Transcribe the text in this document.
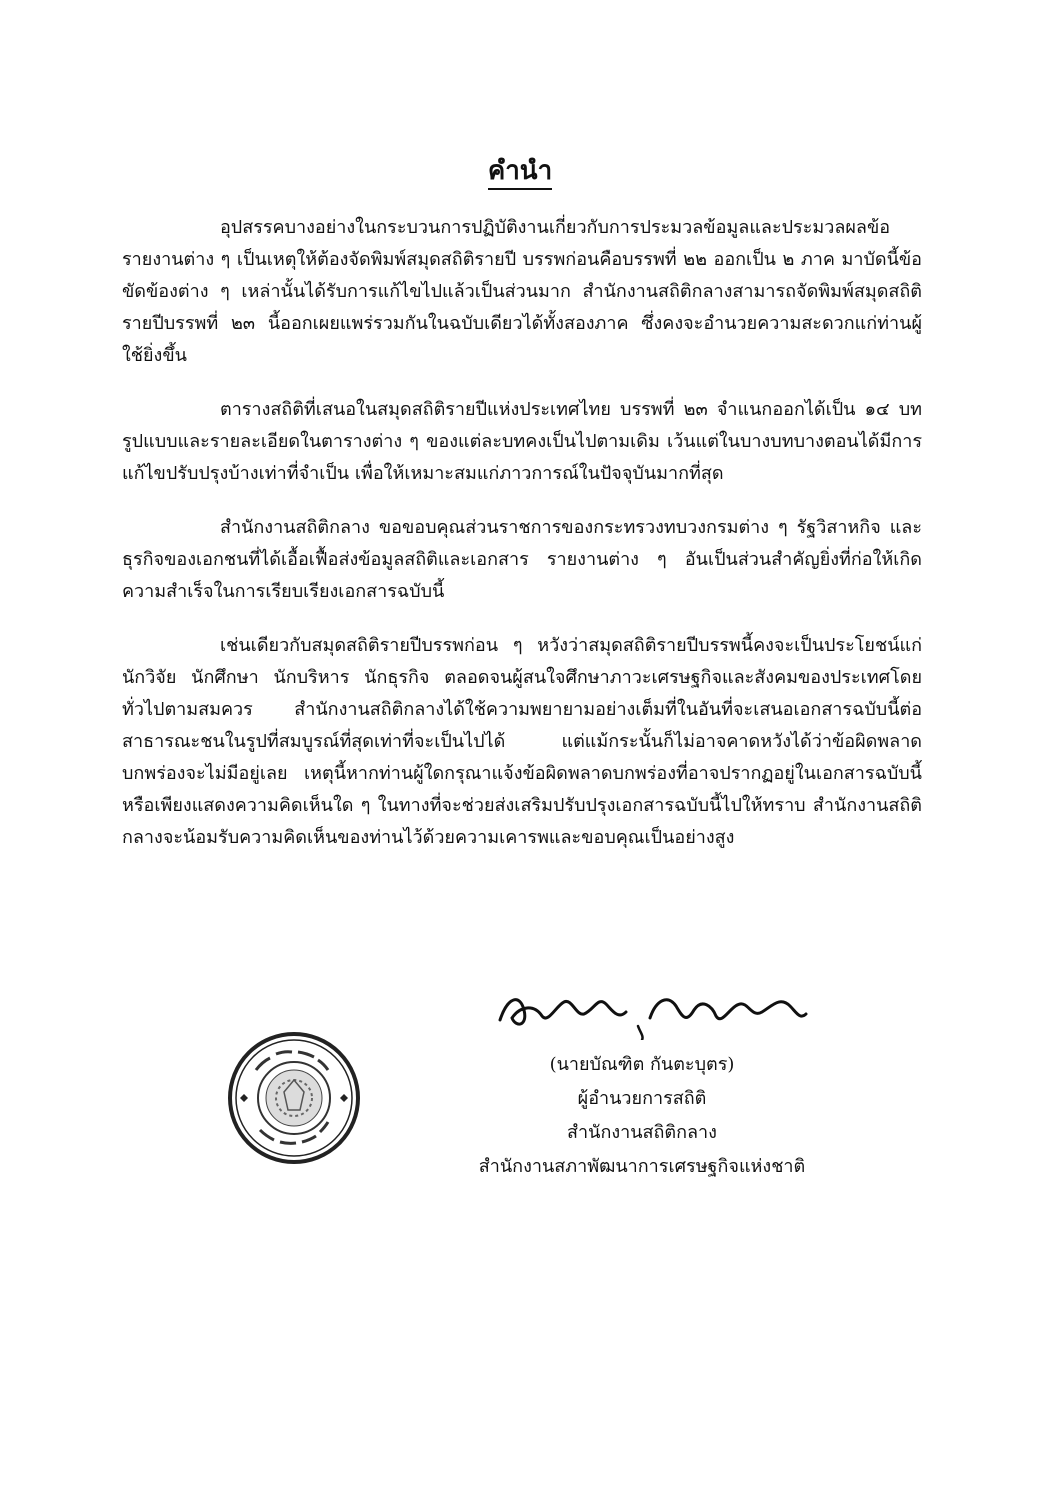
คำนำ

อุปสรรคบางอย่างในกระบวนการปฏิบัติงานเกี่ยวกับการประมวลข้อมูลและประมวลผลข้อรายงานต่าง ๆ เป็นเหตุให้ต้องจัดพิมพ์สมุดสถิติรายปี บรรพก่อนคือบรรพที่ ๒๒ ออกเป็น ๒ ภาค มาบัดนี้ข้อขัดข้องต่าง ๆ เหล่านั้นได้รับการแก้ไขไปแล้วเป็นส่วนมาก สำนักงานสถิติกลางสามารถจัดพิมพ์สมุดสถิติรายปีบรรพที่ ๒๓ นี้ออกเผยแพร่รวมกันในฉบับเดียวได้ทั้งสองภาค ซึ่งคงจะอำนวยความสะดวกแก่ท่านผู้ใช้ยิ่งขึ้น

ตารางสถิติที่เสนอในสมุดสถิติรายปีแห่งประเทศไทย บรรพที่ ๒๓ จำแนกออกได้เป็น ๑๔ บท รูปแบบและรายละเอียดในตารางต่าง ๆ ของแต่ละบทคงเป็นไปตามเดิม เว้นแต่ในบางบทบางตอนได้มีการแก้ไขปรับปรุงบ้างเท่าที่จำเป็น เพื่อให้เหมาะสมแก่ภาวการณ์ในปัจจุบันมากที่สุด

สำนักงานสถิติกลาง ขอขอบคุณส่วนราชการของกระทรวงทบวงกรมต่าง ๆ รัฐวิสาหกิจ และธุรกิจของเอกชนที่ได้เอื้อเฟื้อส่งข้อมูลสถิติและเอกสาร รายงานต่าง ๆ อันเป็นส่วนสำคัญยิ่งที่ก่อให้เกิดความสำเร็จในการเรียบเรียงเอกสารฉบับนี้

เช่นเดียวกับสมุดสถิติรายปีบรรพก่อน ๆ หวังว่าสมุดสถิติรายปีบรรพนี้คงจะเป็นประโยชน์แก่นักวิจัย นักศึกษา นักบริหาร นักธุรกิจ ตลอดจนผู้สนใจศึกษาภาวะเศรษฐกิจและสังคมของประเทศโดยทั่วไปตามสมควร สำนักงานสถิติกลางได้ใช้ความพยายามอย่างเต็มที่ในอันที่จะเสนอเอกสารฉบับนี้ต่อสาธารณะชนในรูปที่สมบูรณ์ที่สุดเท่าที่จะเป็นไปได้ แต่แม้กระนั้นก็ไม่อาจคาดหวังได้ว่าข้อผิดพลาดบกพร่องจะไม่มีอยู่เลย เหตุนี้หากท่านผู้ใดกรุณาแจ้งข้อผิดพลาดบกพร่องที่อาจปรากฏอยู่ในเอกสารฉบับนี้ หรือเพียงแสดงความคิดเห็นใด ๆ ในทางที่จะช่วยส่งเสริมปรับปรุงเอกสารฉบับนี้ไปให้ทราบ สำนักงานสถิติกลางจะน้อมรับความคิดเห็นของท่านไว้ด้วยความเคารพและขอบคุณเป็นอย่างสูง

(นายบัณฑิต กันตะบุตร)
ผู้อำนวยการสถิติ
สำนักงานสถิติกลาง
สำนักงานสภาพัฒนาการเศรษฐกิจแห่งชาติ
